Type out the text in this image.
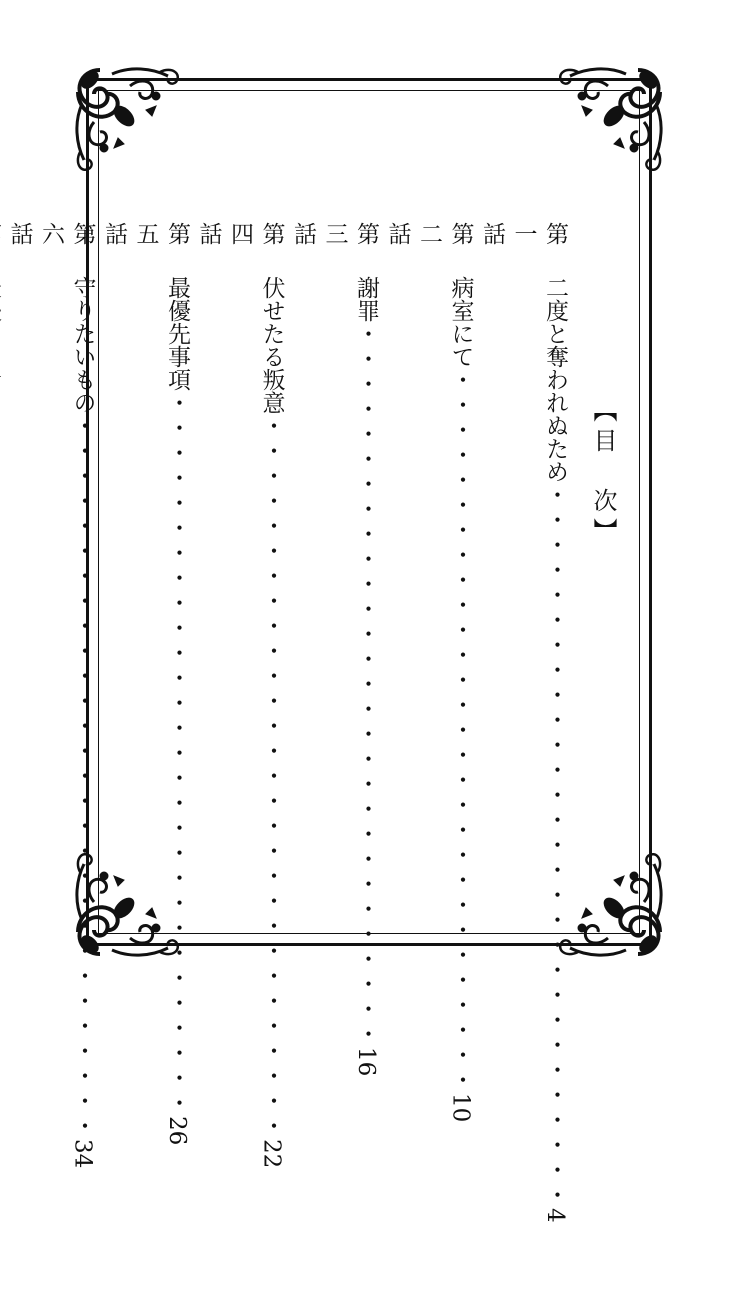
【目　次】
第一話
二度と奪われぬため
・・・・・・・・・・・・・・・・・・・・・・・・・・・・・
4
第二話
病室にて
・・・・・・・・・・・・・・・・・・・・・・・・・・・・・
10
第三話
謝罪
・・・・・・・・・・・・・・・・・・・・・・・・・・・・・
16
第四話
伏せたる叛意
・・・・・・・・・・・・・・・・・・・・・・・・・・・・・
22
第五話
最優先事項
・・・・・・・・・・・・・・・・・・・・・・・・・・・・・
26
第六話
守りたいもの
・・・・・・・・・・・・・・・・・・・・・・・・・・・・・
34
